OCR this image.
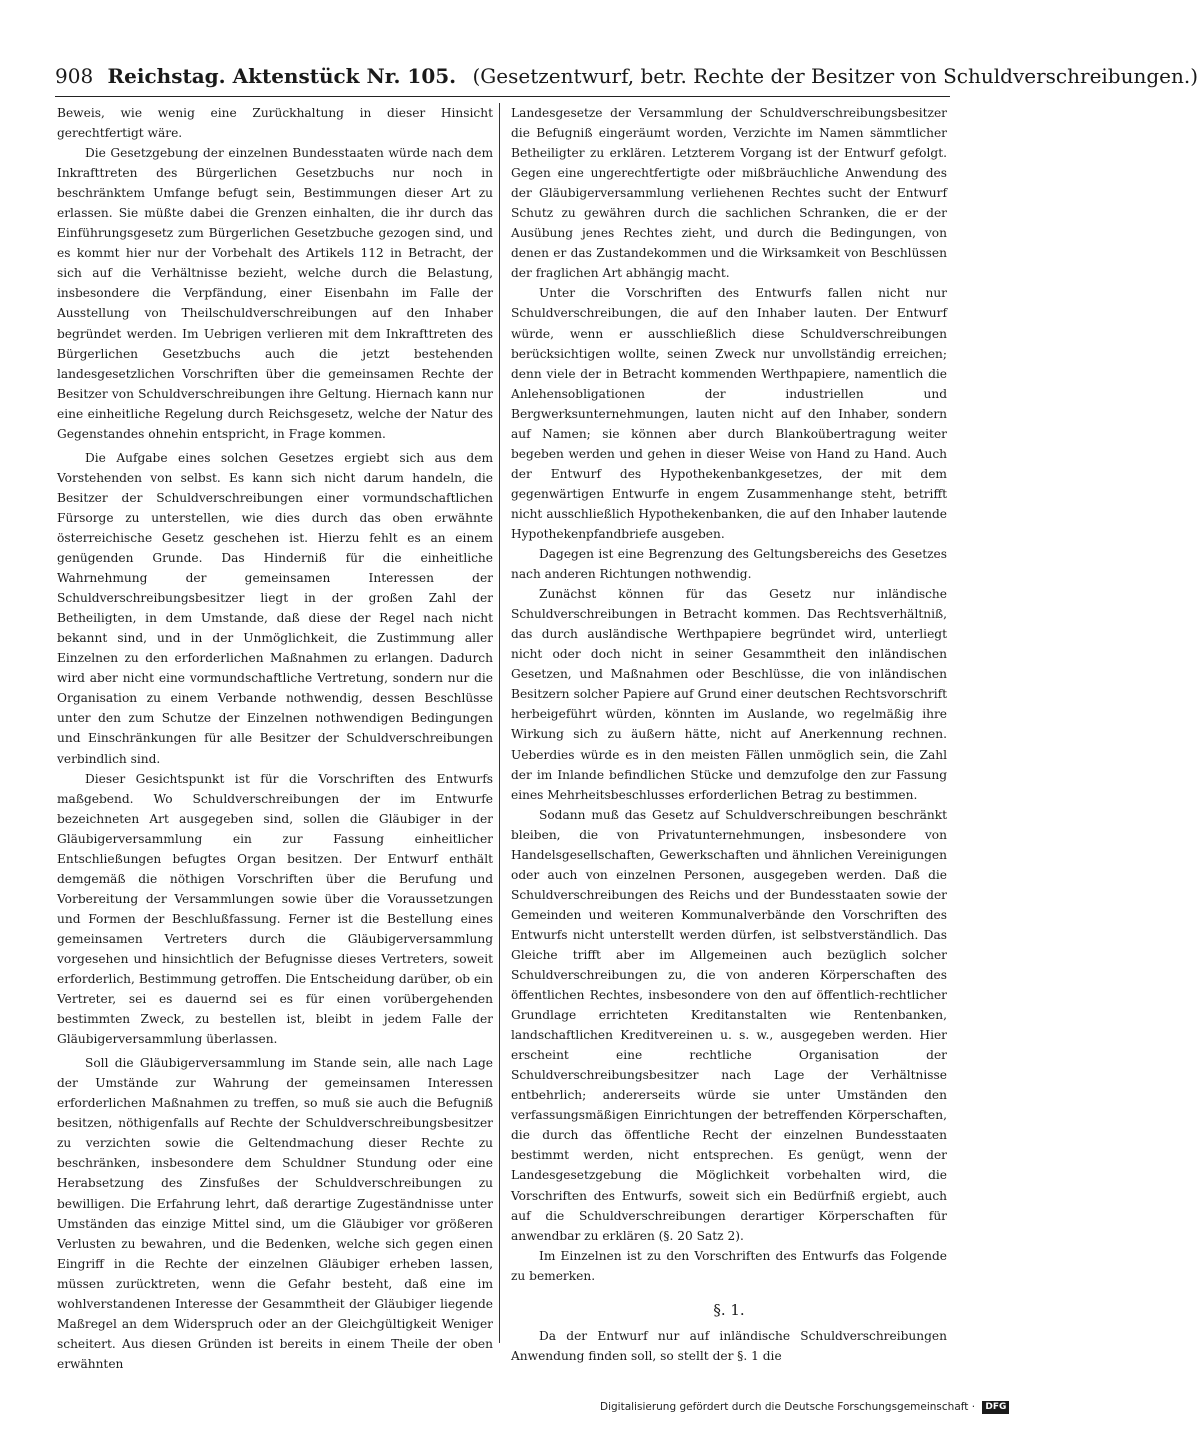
908 Reichstag. Aktenstück Nr. 105. (Gesetzentwurf, betr. Rechte der Besitzer von Schuldverschreibungen.)

Beweis, wie wenig eine Zurückhaltung in dieser Hinsicht gerechtfertigt wäre.

Die Gesetzgebung der einzelnen Bundesstaaten würde nach dem Inkrafttreten des Bürgerlichen Gesetzbuchs nur noch in beschränktem Umfange befugt sein, Bestimmungen dieser Art zu erlassen. Sie müßte dabei die Grenzen einhalten, die ihr durch das Einführungsgesetz zum Bürgerlichen Gesetzbuche gezogen sind, und es kommt hier nur der Vorbehalt des Artikels 112 in Betracht, der sich auf die Verhältnisse bezieht, welche durch die Belastung, insbesondere die Verpfändung, einer Eisenbahn im Falle der Ausstellung von Theilschuldverschreibungen auf den Inhaber begründet werden. Im Uebrigen verlieren mit dem Inkrafttreten des Bürgerlichen Gesetzbuchs auch die jetzt bestehenden landesgesetzlichen Vorschriften über die gemeinsamen Rechte der Besitzer von Schuldverschreibungen ihre Geltung. Hiernach kann nur eine einheitliche Regelung durch Reichsgesetz, welche der Natur des Gegenstandes ohnehin entspricht, in Frage kommen.

Die Aufgabe eines solchen Gesetzes ergiebt sich aus dem Vorstehenden von selbst. Es kann sich nicht darum handeln, die Besitzer der Schuldverschreibungen einer vormundschaftlichen Fürsorge zu unterstellen, wie dies durch das oben erwähnte österreichische Gesetz geschehen ist. Hierzu fehlt es an einem genügenden Grunde. Das Hinderniß für die einheitliche Wahrnehmung der gemeinsamen Interessen der Schuldverschreibungsbesitzer liegt in der großen Zahl der Betheiligten, in dem Umstande, daß diese der Regel nach nicht bekannt sind, und in der Unmöglichkeit, die Zustimmung aller Einzelnen zu den erforderlichen Maßnahmen zu erlangen. Dadurch wird aber nicht eine vormundschaftliche Vertretung, sondern nur die Organisation zu einem Verbande nothwendig, dessen Beschlüsse unter den zum Schutze der Einzelnen nothwendigen Bedingungen und Einschränkungen für alle Besitzer der Schuldverschreibungen verbindlich sind.

Dieser Gesichtspunkt ist für die Vorschriften des Entwurfs maßgebend. Wo Schuldverschreibungen der im Entwurfe bezeichneten Art ausgegeben sind, sollen die Gläubiger in der Gläubigerversammlung ein zur Fassung einheitlicher Entschließungen befugtes Organ besitzen. Der Entwurf enthält demgemäß die nöthigen Vorschriften über die Berufung und Vorbereitung der Versammlungen sowie über die Voraussetzungen und Formen der Beschlußfassung. Ferner ist die Bestellung eines gemeinsamen Vertreters durch die Gläubigerversammlung vorgesehen und hinsichtlich der Befugnisse dieses Vertreters, soweit erforderlich, Bestimmung getroffen. Die Entscheidung darüber, ob ein Vertreter, sei es dauernd sei es für einen vorübergehenden bestimmten Zweck, zu bestellen ist, bleibt in jedem Falle der Gläubigerversammlung überlassen.

Soll die Gläubigerversammlung im Stande sein, alle nach Lage der Umstände zur Wahrung der gemeinsamen Interessen erforderlichen Maßnahmen zu treffen, so muß sie auch die Befugniß besitzen, nöthigenfalls auf Rechte der Schuldverschreibungsbesitzer zu verzichten sowie die Geltendmachung dieser Rechte zu beschränken, insbesondere dem Schuldner Stundung oder eine Herabsetzung des Zinsfußes der Schuldverschreibungen zu bewilligen. Die Erfahrung lehrt, daß derartige Zugeständnisse unter Umständen das einzige Mittel sind, um die Gläubiger vor größeren Verlusten zu bewahren, und die Bedenken, welche sich gegen einen Eingriff in die Rechte der einzelnen Gläubiger erheben lassen, müssen zurücktreten, wenn die Gefahr besteht, daß eine im wohlverstandenen Interesse der Gesammtheit der Gläubiger liegende Maßregel an dem Widerspruch oder an der Gleichgültigkeit Weniger scheitert. Aus diesen Gründen ist bereits in einem Theile der oben erwähnten

Landesgesetze der Versammlung der Schuldverschreibungsbesitzer die Befugniß eingeräumt worden, Verzichte im Namen sämmtlicher Betheiligter zu erklären. Letzterem Vorgang ist der Entwurf gefolgt. Gegen eine ungerechtfertigte oder mißbräuchliche Anwendung des der Gläubigerversammlung verliehenen Rechtes sucht der Entwurf Schutz zu gewähren durch die sachlichen Schranken, die er der Ausübung jenes Rechtes zieht, und durch die Bedingungen, von denen er das Zustandekommen und die Wirksamkeit von Beschlüssen der fraglichen Art abhängig macht.

Unter die Vorschriften des Entwurfs fallen nicht nur Schuldverschreibungen, die auf den Inhaber lauten. Der Entwurf würde, wenn er ausschließlich diese Schuldverschreibungen berücksichtigen wollte, seinen Zweck nur unvollständig erreichen; denn viele der in Betracht kommenden Werthpapiere, namentlich die Anlehensobligationen der industriellen und Bergwerksunternehmungen, lauten nicht auf den Inhaber, sondern auf Namen; sie können aber durch Blankoübertragung weiter begeben werden und gehen in dieser Weise von Hand zu Hand. Auch der Entwurf des Hypothekenbankgesetzes, der mit dem gegenwärtigen Entwurfe in engem Zusammenhange steht, betrifft nicht ausschließlich Hypothekenbanken, die auf den Inhaber lautende Hypothekenpfandbriefe ausgeben.

Dagegen ist eine Begrenzung des Geltungsbereichs des Gesetzes nach anderen Richtungen nothwendig.

Zunächst können für das Gesetz nur inländische Schuldverschreibungen in Betracht kommen. Das Rechtsverhältniß, das durch ausländische Werthpapiere begründet wird, unterliegt nicht oder doch nicht in seiner Gesammtheit den inländischen Gesetzen, und Maßnahmen oder Beschlüsse, die von inländischen Besitzern solcher Papiere auf Grund einer deutschen Rechtsvorschrift herbeigeführt würden, könnten im Auslande, wo regelmäßig ihre Wirkung sich zu äußern hätte, nicht auf Anerkennung rechnen. Ueberdies würde es in den meisten Fällen unmöglich sein, die Zahl der im Inlande befindlichen Stücke und demzufolge den zur Fassung eines Mehrheitsbeschlusses erforderlichen Betrag zu bestimmen.

Sodann muß das Gesetz auf Schuldverschreibungen beschränkt bleiben, die von Privatunternehmungen, insbesondere von Handelsgesellschaften, Gewerkschaften und ähnlichen Vereinigungen oder auch von einzelnen Personen, ausgegeben werden. Daß die Schuldverschreibungen des Reichs und der Bundesstaaten sowie der Gemeinden und weiteren Kommunalverbände den Vorschriften des Entwurfs nicht unterstellt werden dürfen, ist selbstverständlich. Das Gleiche trifft aber im Allgemeinen auch bezüglich solcher Schuldverschreibungen zu, die von anderen Körperschaften des öffentlichen Rechtes, insbesondere von den auf öffentlich-rechtlicher Grundlage errichteten Kreditanstalten wie Rentenbanken, landschaftlichen Kreditvereinen u. s. w., ausgegeben werden. Hier erscheint eine rechtliche Organisation der Schuldverschreibungsbesitzer nach Lage der Verhältnisse entbehrlich; andererseits würde sie unter Umständen den verfassungsmäßigen Einrichtungen der betreffenden Körperschaften, die durch das öffentliche Recht der einzelnen Bundesstaaten bestimmt werden, nicht entsprechen. Es genügt, wenn der Landesgesetzgebung die Möglichkeit vorbehalten wird, die Vorschriften des Entwurfs, soweit sich ein Bedürfniß ergiebt, auch auf die Schuldverschreibungen derartiger Körperschaften für anwendbar zu erklären (§. 20 Satz 2).

Im Einzelnen ist zu den Vorschriften des Entwurfs das Folgende zu bemerken.

§. 1.

Da der Entwurf nur auf inländische Schuldverschreibungen Anwendung finden soll, so stellt der §. 1 die

Digitalisierung gefördert durch die Deutsche Forschungsgemeinschaft · DFG
